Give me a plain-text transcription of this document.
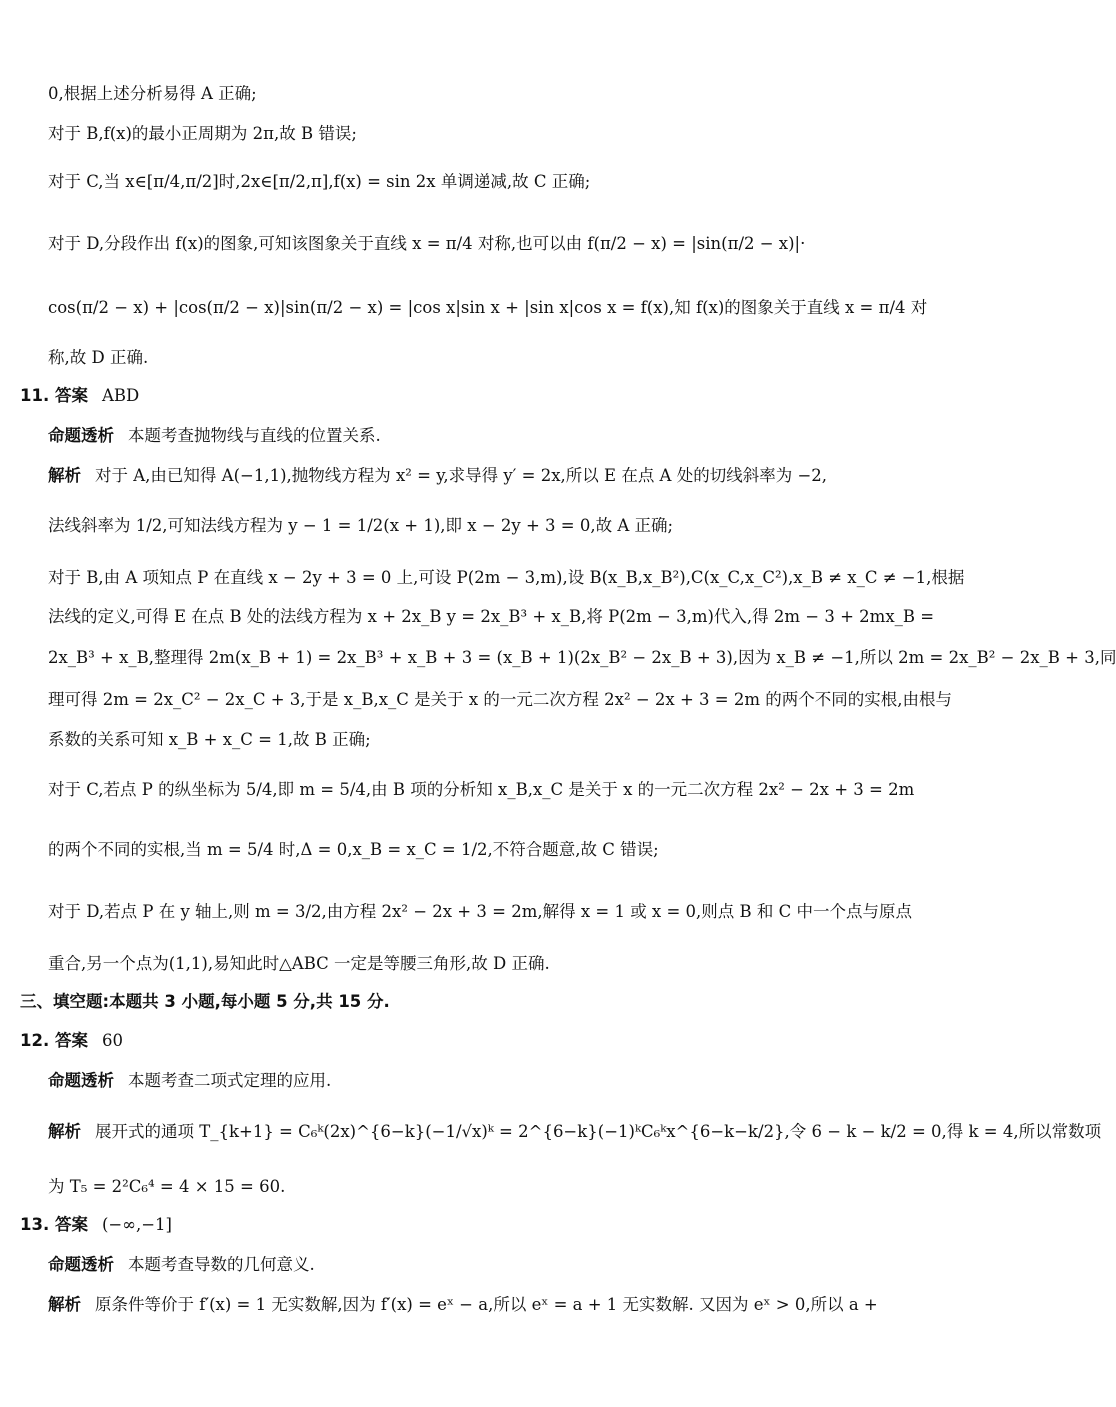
0,根据上述分析易得 A 正确;
对于 B,f(x)的最小正周期为 2π,故 B 错误;
对于 C,当 x∈[π/4,π/2]时,2x∈[π/2,π],f(x) = sin 2x 单调递减,故 C 正确;
对于 D,分段作出 f(x)的图象,可知该图象关于直线 x = π/4 对称,也可以由 f(π/2 − x) = |sin(π/2 − x)|·
cos(π/2 − x) + |cos(π/2 − x)|sin(π/2 − x) = |cos x|sin x + |sin x|cos x = f(x),知 f(x)的图象关于直线 x = π/4 对
称,故 D 正确.
11. 答案 ABD
命题透析 本题考查抛物线与直线的位置关系.
解析 对于 A,由已知得 A(−1,1),抛物线方程为 x² = y,求导得 y′ = 2x,所以 E 在点 A 处的切线斜率为 −2,
法线斜率为 1/2,可知法线方程为 y − 1 = 1/2(x + 1),即 x − 2y + 3 = 0,故 A 正确;
对于 B,由 A 项知点 P 在直线 x − 2y + 3 = 0 上,可设 P(2m − 3,m),设 B(x_B,x_B²),C(x_C,x_C²),x_B ≠ x_C ≠ −1,根据
法线的定义,可得 E 在点 B 处的法线方程为 x + 2x_B y = 2x_B³ + x_B,将 P(2m − 3,m)代入,得 2m − 3 + 2mx_B =
2x_B³ + x_B,整理得 2m(x_B + 1) = 2x_B³ + x_B + 3 = (x_B + 1)(2x_B² − 2x_B + 3),因为 x_B ≠ −1,所以 2m = 2x_B² − 2x_B + 3,同
理可得 2m = 2x_C² − 2x_C + 3,于是 x_B,x_C 是关于 x 的一元二次方程 2x² − 2x + 3 = 2m 的两个不同的实根,由根与
系数的关系可知 x_B + x_C = 1,故 B 正确;
对于 C,若点 P 的纵坐标为 5/4,即 m = 5/4,由 B 项的分析知 x_B,x_C 是关于 x 的一元二次方程 2x² − 2x + 3 = 2m
的两个不同的实根,当 m = 5/4 时,Δ = 0,x_B = x_C = 1/2,不符合题意,故 C 错误;
对于 D,若点 P 在 y 轴上,则 m = 3/2,由方程 2x² − 2x + 3 = 2m,解得 x = 1 或 x = 0,则点 B 和 C 中一个点与原点
重合,另一个点为(1,1),易知此时△ABC 一定是等腰三角形,故 D 正确.
三、填空题:本题共 3 小题,每小题 5 分,共 15 分.
12. 答案 60
命题透析 本题考查二项式定理的应用.
解析 展开式的通项 T_{k+1} = C₆ᵏ(2x)^{6−k}(−1/√x)ᵏ = 2^{6−k}(−1)ᵏC₆ᵏx^{6−k−k/2},令 6 − k − k/2 = 0,得 k = 4,所以常数项
为 T₅ = 2²C₆⁴ = 4 × 15 = 60.
13. 答案 (−∞,−1]
命题透析 本题考查导数的几何意义.
解析 原条件等价于 f′(x) = 1 无实数解,因为 f′(x) = eˣ − a,所以 eˣ = a + 1 无实数解. 又因为 eˣ > 0,所以 a +
